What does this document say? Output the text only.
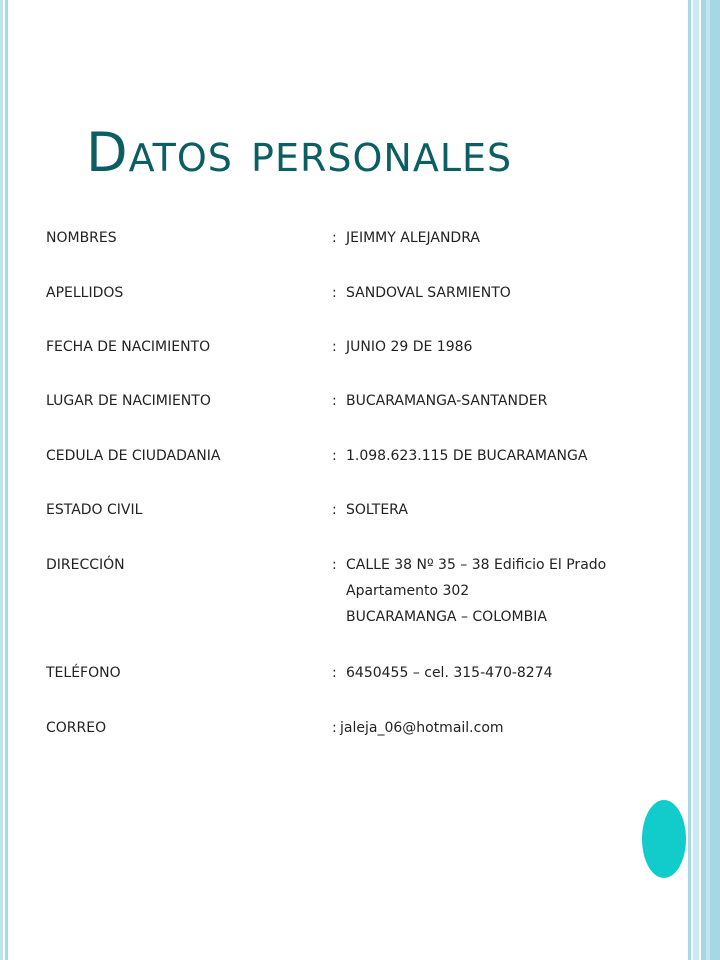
Datos personales
NOMBRES	: JEIMMY ALEJANDRA
APELLIDOS	: SANDOVAL SARMIENTO
FECHA DE NACIMIENTO	: JUNIO 29 DE 1986
LUGAR DE NACIMIENTO	: BUCARAMANGA-SANTANDER
CEDULA DE CIUDADANIA	: 1.098.623.115 DE BUCARAMANGA
ESTADO CIVIL	: SOLTERA
DIRECCIÓN	: CALLE 38 Nº 35 – 38 Edificio El Prado
Apartamento 302
BUCARAMANGA – COLOMBIA
TELÉFONO	: 6450455 – cel. 315-470-8274
CORREO	: jaleja_06@hotmail.com
